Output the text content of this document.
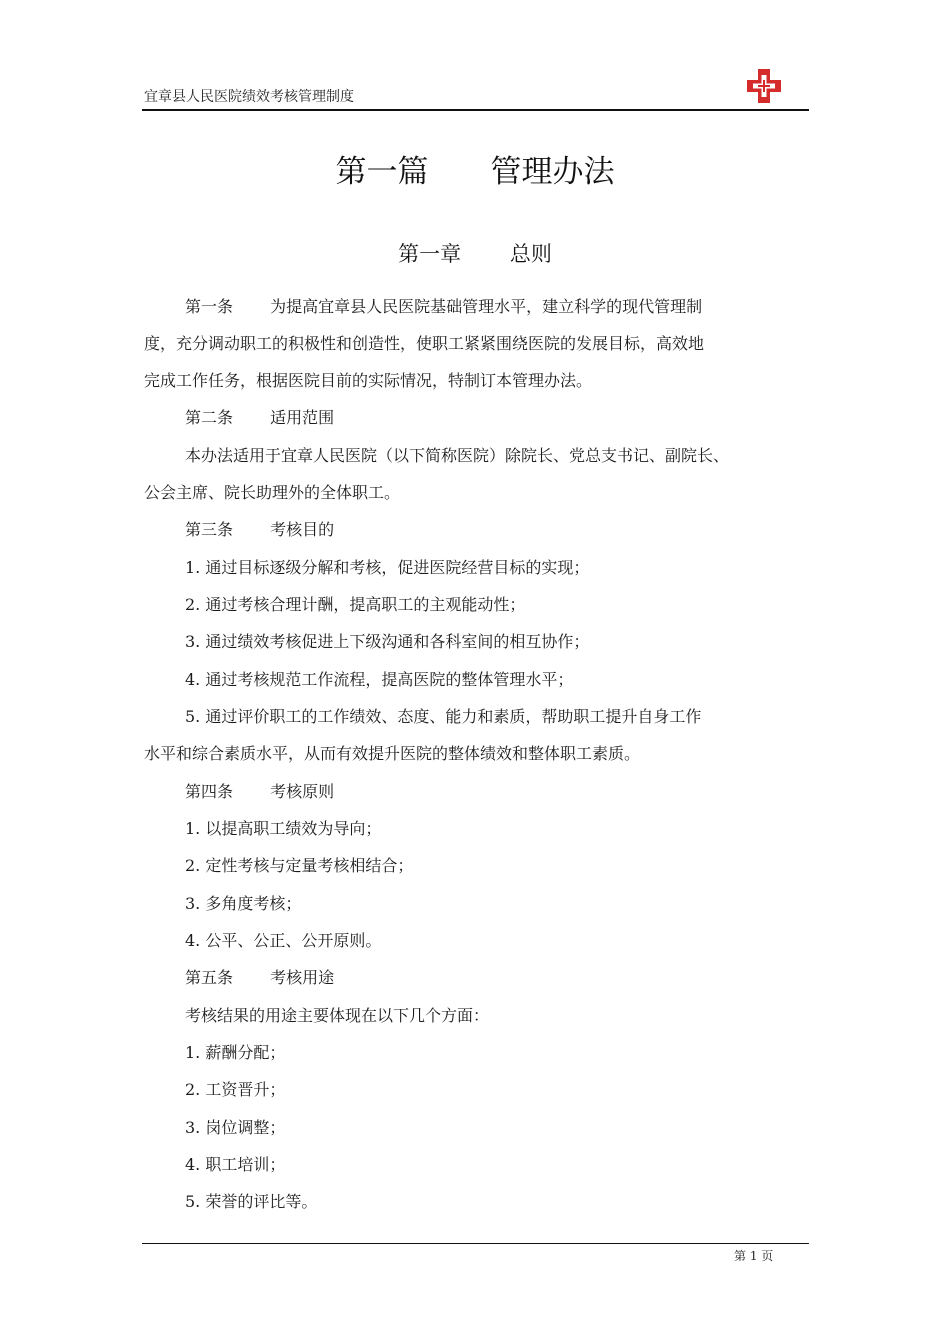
宜章县人民医院绩效考核管理制度
第一篇　　管理办法
第一章　　 总则
第一条　　 为提高宜章县人民医院基础管理水平，建立科学的现代管理制
度，充分调动职工的积极性和创造性，使职工紧紧围绕医院的发展目标，高效地
完成工作任务，根据医院目前的实际情况，特制订本管理办法。
第二条　　 适用范围
本办法适用于宜章人民医院（以下简称医院）除院长、党总支书记、副院长、
公会主席、院长助理外的全体职工。
第三条　　 考核目的
1. 通过目标逐级分解和考核，促进医院经营目标的实现；
2. 通过考核合理计酬，提高职工的主观能动性；
3. 通过绩效考核促进上下级沟通和各科室间的相互协作；
4. 通过考核规范工作流程，提高医院的整体管理水平；
5. 通过评价职工的工作绩效、态度、能力和素质，帮助职工提升自身工作
水平和综合素质水平，从而有效提升医院的整体绩效和整体职工素质。
第四条　　 考核原则
1. 以提高职工绩效为导向；
2. 定性考核与定量考核相结合；
3. 多角度考核；
4. 公平、公正、公开原则。
第五条　　 考核用途
考核结果的用途主要体现在以下几个方面：
1. 薪酬分配；
2. 工资晋升；
3. 岗位调整；
4. 职工培训；
5. 荣誉的评比等。
第 1 页
